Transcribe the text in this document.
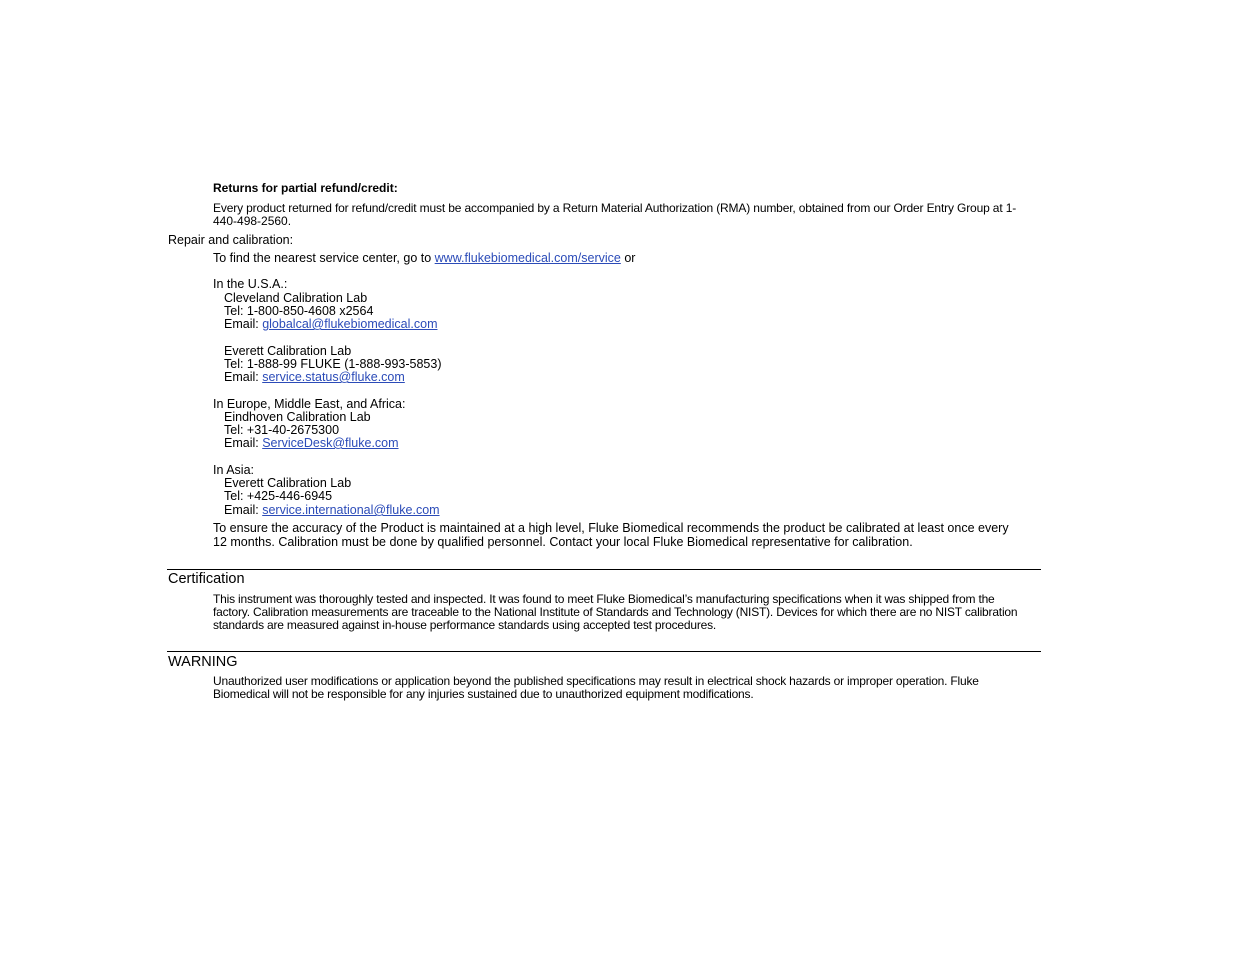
Returns for partial refund/credit:
Every product returned for refund/credit must be accompanied by a Return Material Authorization (RMA) number, obtained from our Order Entry Group at 1-
440-498-2560.
Repair and calibration:
To find the nearest service center, go to www.flukebiomedical.com/service or
In the U.S.A.:
Cleveland Calibration Lab
Tel: 1-800-850-4608 x2564
Email: globalcal@flukebiomedical.com
Everett Calibration Lab
Tel: 1-888-99 FLUKE (1-888-993-5853)
Email: service.status@fluke.com
In Europe, Middle East, and Africa:
Eindhoven Calibration Lab
Tel: +31-40-2675300
Email: ServiceDesk@fluke.com
In Asia:
Everett Calibration Lab
Tel: +425-446-6945
Email: service.international@fluke.com
To ensure the accuracy of the Product is maintained at a high level, Fluke Biomedical recommends the product be calibrated at least once every
12 months. Calibration must be done by qualified personnel. Contact your local Fluke Biomedical representative for calibration.
Certification
This instrument was thoroughly tested and inspected. It was found to meet Fluke Biomedical’s manufacturing specifications when it was shipped from the
factory. Calibration measurements are traceable to the National Institute of Standards and Technology (NIST). Devices for which there are no NIST calibration
standards are measured against in-house performance standards using accepted test procedures.
WARNING
Unauthorized user modifications or application beyond the published specifications may result in electrical shock hazards or improper operation. Fluke
Biomedical will not be responsible for any injuries sustained due to unauthorized equipment modifications.
